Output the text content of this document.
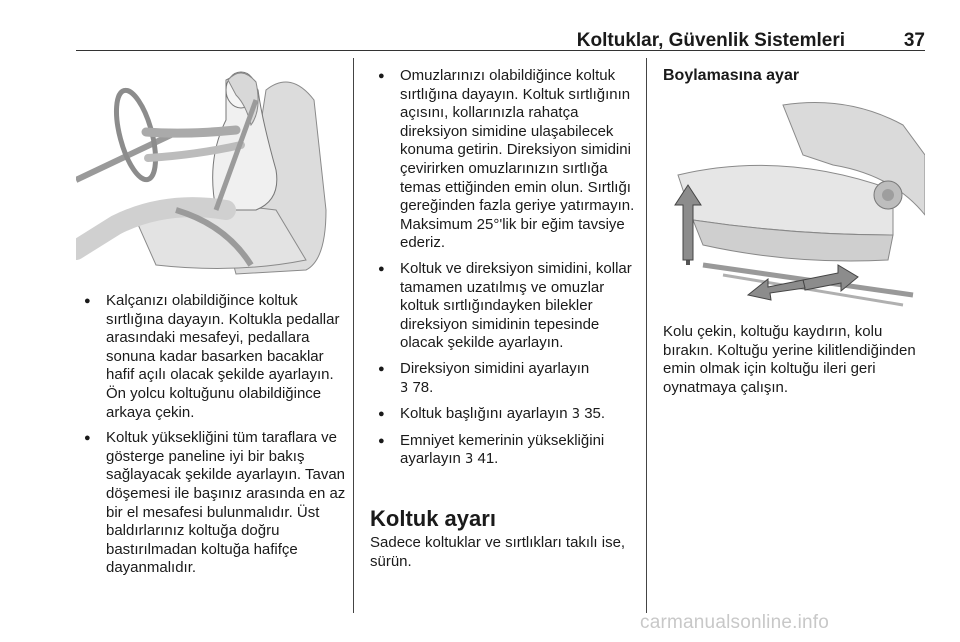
Koltuklar, Güvenlik Sistemleri	37
● Kalçanızı olabildiğince koltuk sırtlığına dayayın. Koltukla pedallar arasındaki mesafeyi, pedallara sonuna kadar basarken bacaklar hafif açılı olacak şekilde ayarlayın. Ön yolcu koltuğunu olabildiğince arkaya çekin.
● Koltuk yüksekliğini tüm taraflara ve gösterge paneline iyi bir bakış sağlayacak şekilde ayarlayın. Tavan döşemesi ile başınız arasında en az bir el mesafesi bulunmalıdır. Üst baldırlarınız koltuğa doğru bastırılmadan koltuğa hafifçe dayanmalıdır.
● Omuzlarınızı olabildiğince koltuk sırtlığına dayayın. Koltuk sırtlığının açısını, kollarınızla rahatça direksiyon simidine ulaşabilecek konuma getirin. Direksiyon simidini çevirirken omuzlarınızın sırtlığa temas ettiğinden emin olun. Sırtlığı gereğinden fazla geriye yatırmayın. Maksimum 25°'lik bir eğim tavsiye ederiz.
● Koltuk ve direksiyon simidini, kollar tamamen uzatılmış ve omuzlar koltuk sırtlığındayken bilekler direksiyon simidinin tepesinde olacak şekilde ayarlayın.
● Direksiyon simidini ayarlayın
3 78.
● Koltuk başlığını ayarlayın 3 35.
● Emniyet kemerinin yüksekliğini ayarlayın 3 41.
Koltuk ayarı

Sadece koltuklar ve sırtlıkları takılı ise, sürün.

Boylamasına ayar

Kolu çekin, koltuğu kaydırın, kolu bırakın. Koltuğu yerine kilitlendiğinden emin olmak için koltuğu ileri geri oynatmaya çalışın.

carmanualsonline.info
